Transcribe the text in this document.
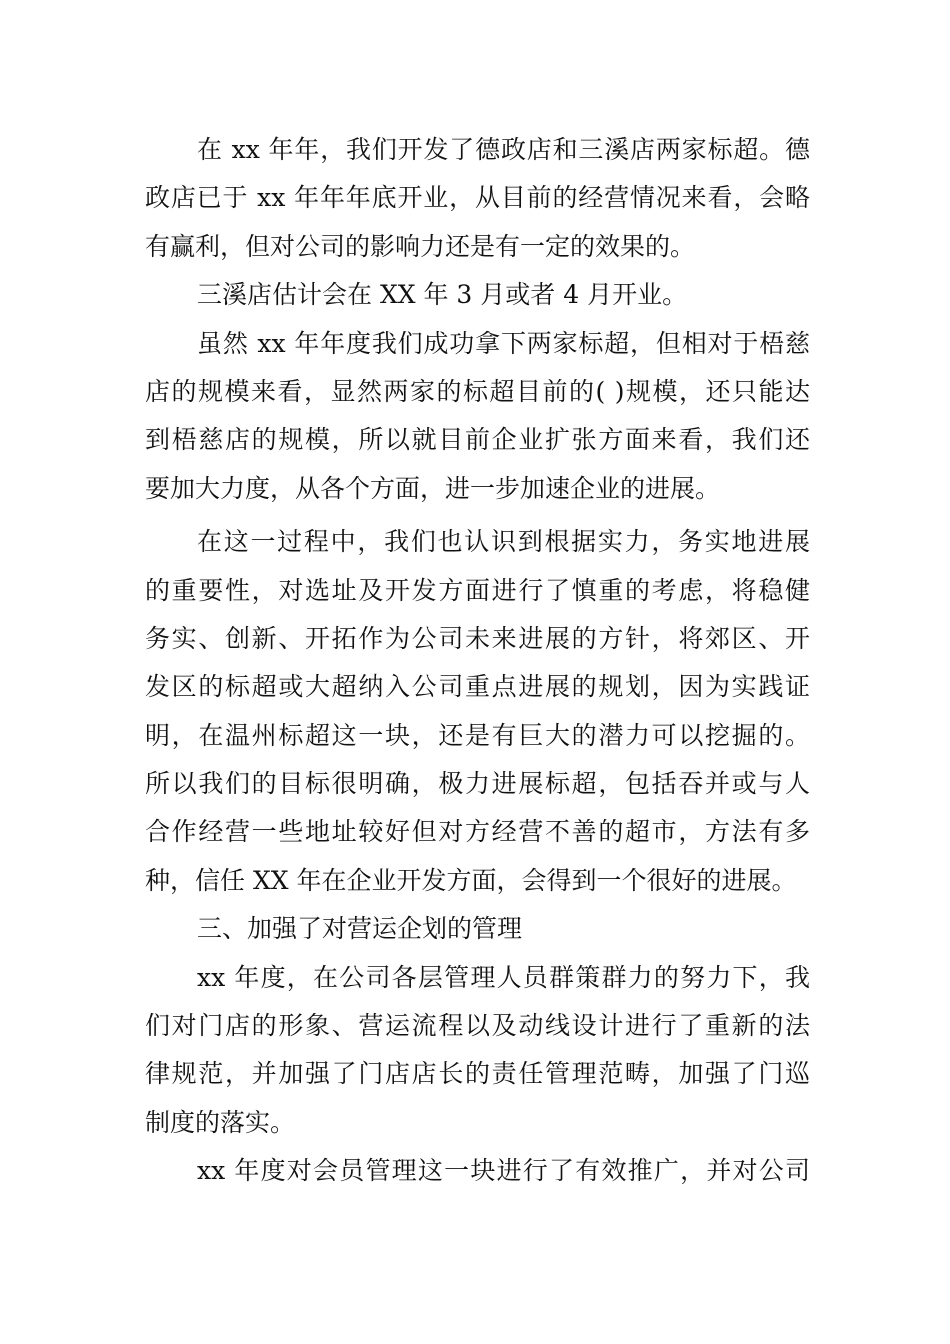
在 xx 年年，我们开发了德政店和三溪店两家标超。德
政店已于 xx 年年年底开业，从目前的经营情况来看，会略
有赢利，但对公司的影响力还是有一定的效果的。
三溪店估计会在 XX 年 3 月或者 4 月开业。
虽然 xx 年年度我们成功拿下两家标超，但相对于梧慈
店的规模来看，显然两家的标超目前的( )规模，还只能达
到梧慈店的规模，所以就目前企业扩张方面来看，我们还
要加大力度，从各个方面，进一步加速企业的进展。
在这一过程中，我们也认识到根据实力，务实地进展
的重要性，对选址及开发方面进行了慎重的考虑，将稳健
务实、创新、开拓作为公司未来进展的方针，将郊区、开
发区的标超或大超纳入公司重点进展的规划，因为实践证
明，在温州标超这一块，还是有巨大的潜力可以挖掘的。
所以我们的目标很明确，极力进展标超，包括吞并或与人
合作经营一些地址较好但对方经营不善的超市，方法有多
种，信任 XX 年在企业开发方面，会得到一个很好的进展。
三、加强了对营运企划的管理
xx 年度，在公司各层管理人员群策群力的努力下，我
们对门店的形象、营运流程以及动线设计进行了重新的法
律规范，并加强了门店店长的责任管理范畴，加强了门巡
制度的落实。
xx 年度对会员管理这一块进行了有效推广，并对公司
